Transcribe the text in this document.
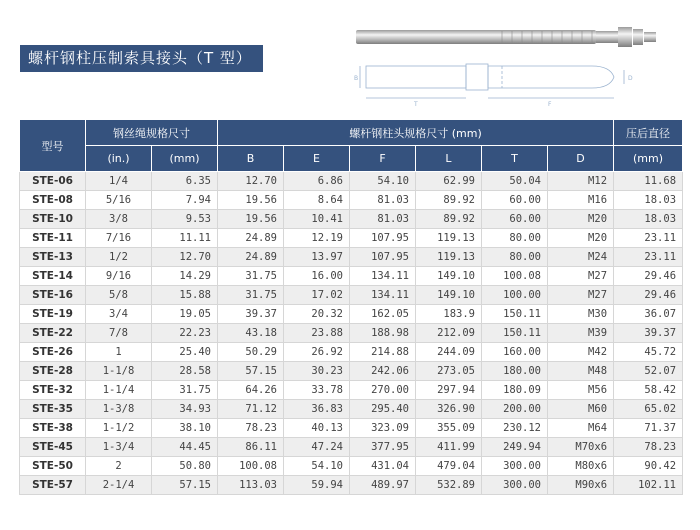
螺杆钢柱压制索具接头（T 型）
T	F
B	D
型号	钢丝绳规格尺寸		螺杆钢柱头规格尺寸 (mm)						压后直径
	(in.)	(mm)	B	E	F	L	T	D	(mm)
STE-06	1/4	6.35	12.70	6.86	54.10	62.99	50.04	M12	11.68
STE-08	5/16	7.94	19.56	8.64	81.03	89.92	60.00	M16	18.03
STE-10	3/8	9.53	19.56	10.41	81.03	89.92	60.00	M20	18.03
STE-11	7/16	11.11	24.89	12.19	107.95	119.13	80.00	M20	23.11
STE-13	1/2	12.70	24.89	13.97	107.95	119.13	80.00	M24	23.11
STE-14	9/16	14.29	31.75	16.00	134.11	149.10	100.08	M27	29.46
STE-16	5/8	15.88	31.75	17.02	134.11	149.10	100.00	M27	29.46
STE-19	3/4	19.05	39.37	20.32	162.05	183.9	150.11	M30	36.07
STE-22	7/8	22.23	43.18	23.88	188.98	212.09	150.11	M39	39.37
STE-26	1	25.40	50.29	26.92	214.88	244.09	160.00	M42	45.72
STE-28	1-1/8	28.58	57.15	30.23	242.06	273.05	180.00	M48	52.07
STE-32	1-1/4	31.75	64.26	33.78	270.00	297.94	180.09	M56	58.42
STE-35	1-3/8	34.93	71.12	36.83	295.40	326.90	200.00	M60	65.02
STE-38	1-1/2	38.10	78.23	40.13	323.09	355.09	230.12	M64	71.37
STE-45	1-3/4	44.45	86.11	47.24	377.95	411.99	249.94	M70x6	78.23
STE-50	2	50.80	100.08	54.10	431.04	479.04	300.00	M80x6	90.42
STE-57	2-1/4	57.15	113.03	59.94	489.97	532.89	300.00	M90x6	102.11
